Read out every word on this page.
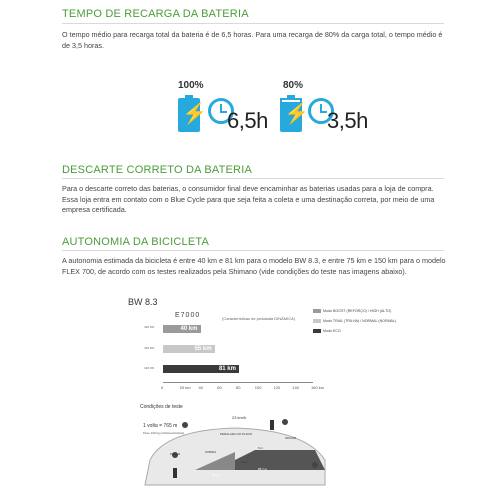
TEMPO DE RECARGA DA BATERIA
O tempo médio para recarga total da bateria é de 6,5 horas. Para uma recarga de 80% da carga total, o tempo médio é de 3,5 horas.
100%
⚡ 6,5h
80%
⚡ 3,5h
DESCARTE CORRETO DA BATERIA
Para o descarte correto das baterias, o consumidor final deve encaminhar as baterias usadas para a loja de compra. Essa loja entra em contato com o Blue Cycle para que seja feita a coleta e uma destinação correta, por meio de uma empresa certificada.
AUTONOMIA DA BICICLETA
A autonomia estimada da bicicleta é entre 40 km e 81 km para o modelo BW 8.3, e entre 75 km e 150 km para o modelo FLEX 700, de acordo com os testes realizados pela Shimano (vide condições do teste nas imagens abaixo).
BW 8.3
E7000	(Características de pedalada DINÂMICA)
Modo BOOST (REFORÇO) / HIGH (ALTO)
Modo TRAIL (TRILHA) / NORMAL (NORMAL)
Modo ECO
418 Wh
418 Wh
418 Wh
40 km
55 km
81 km
0	20 km 40	60	80	100	120	140	160 km
Condições de teste
1 volta = 765 m
Peso 160 kg (ciclista+bicicleta)
23 km/h
PEDALADA NO PLANO
INICIAR
SUBIDA
PARAR
50 m
85,7 m
6,9 m
5 m
